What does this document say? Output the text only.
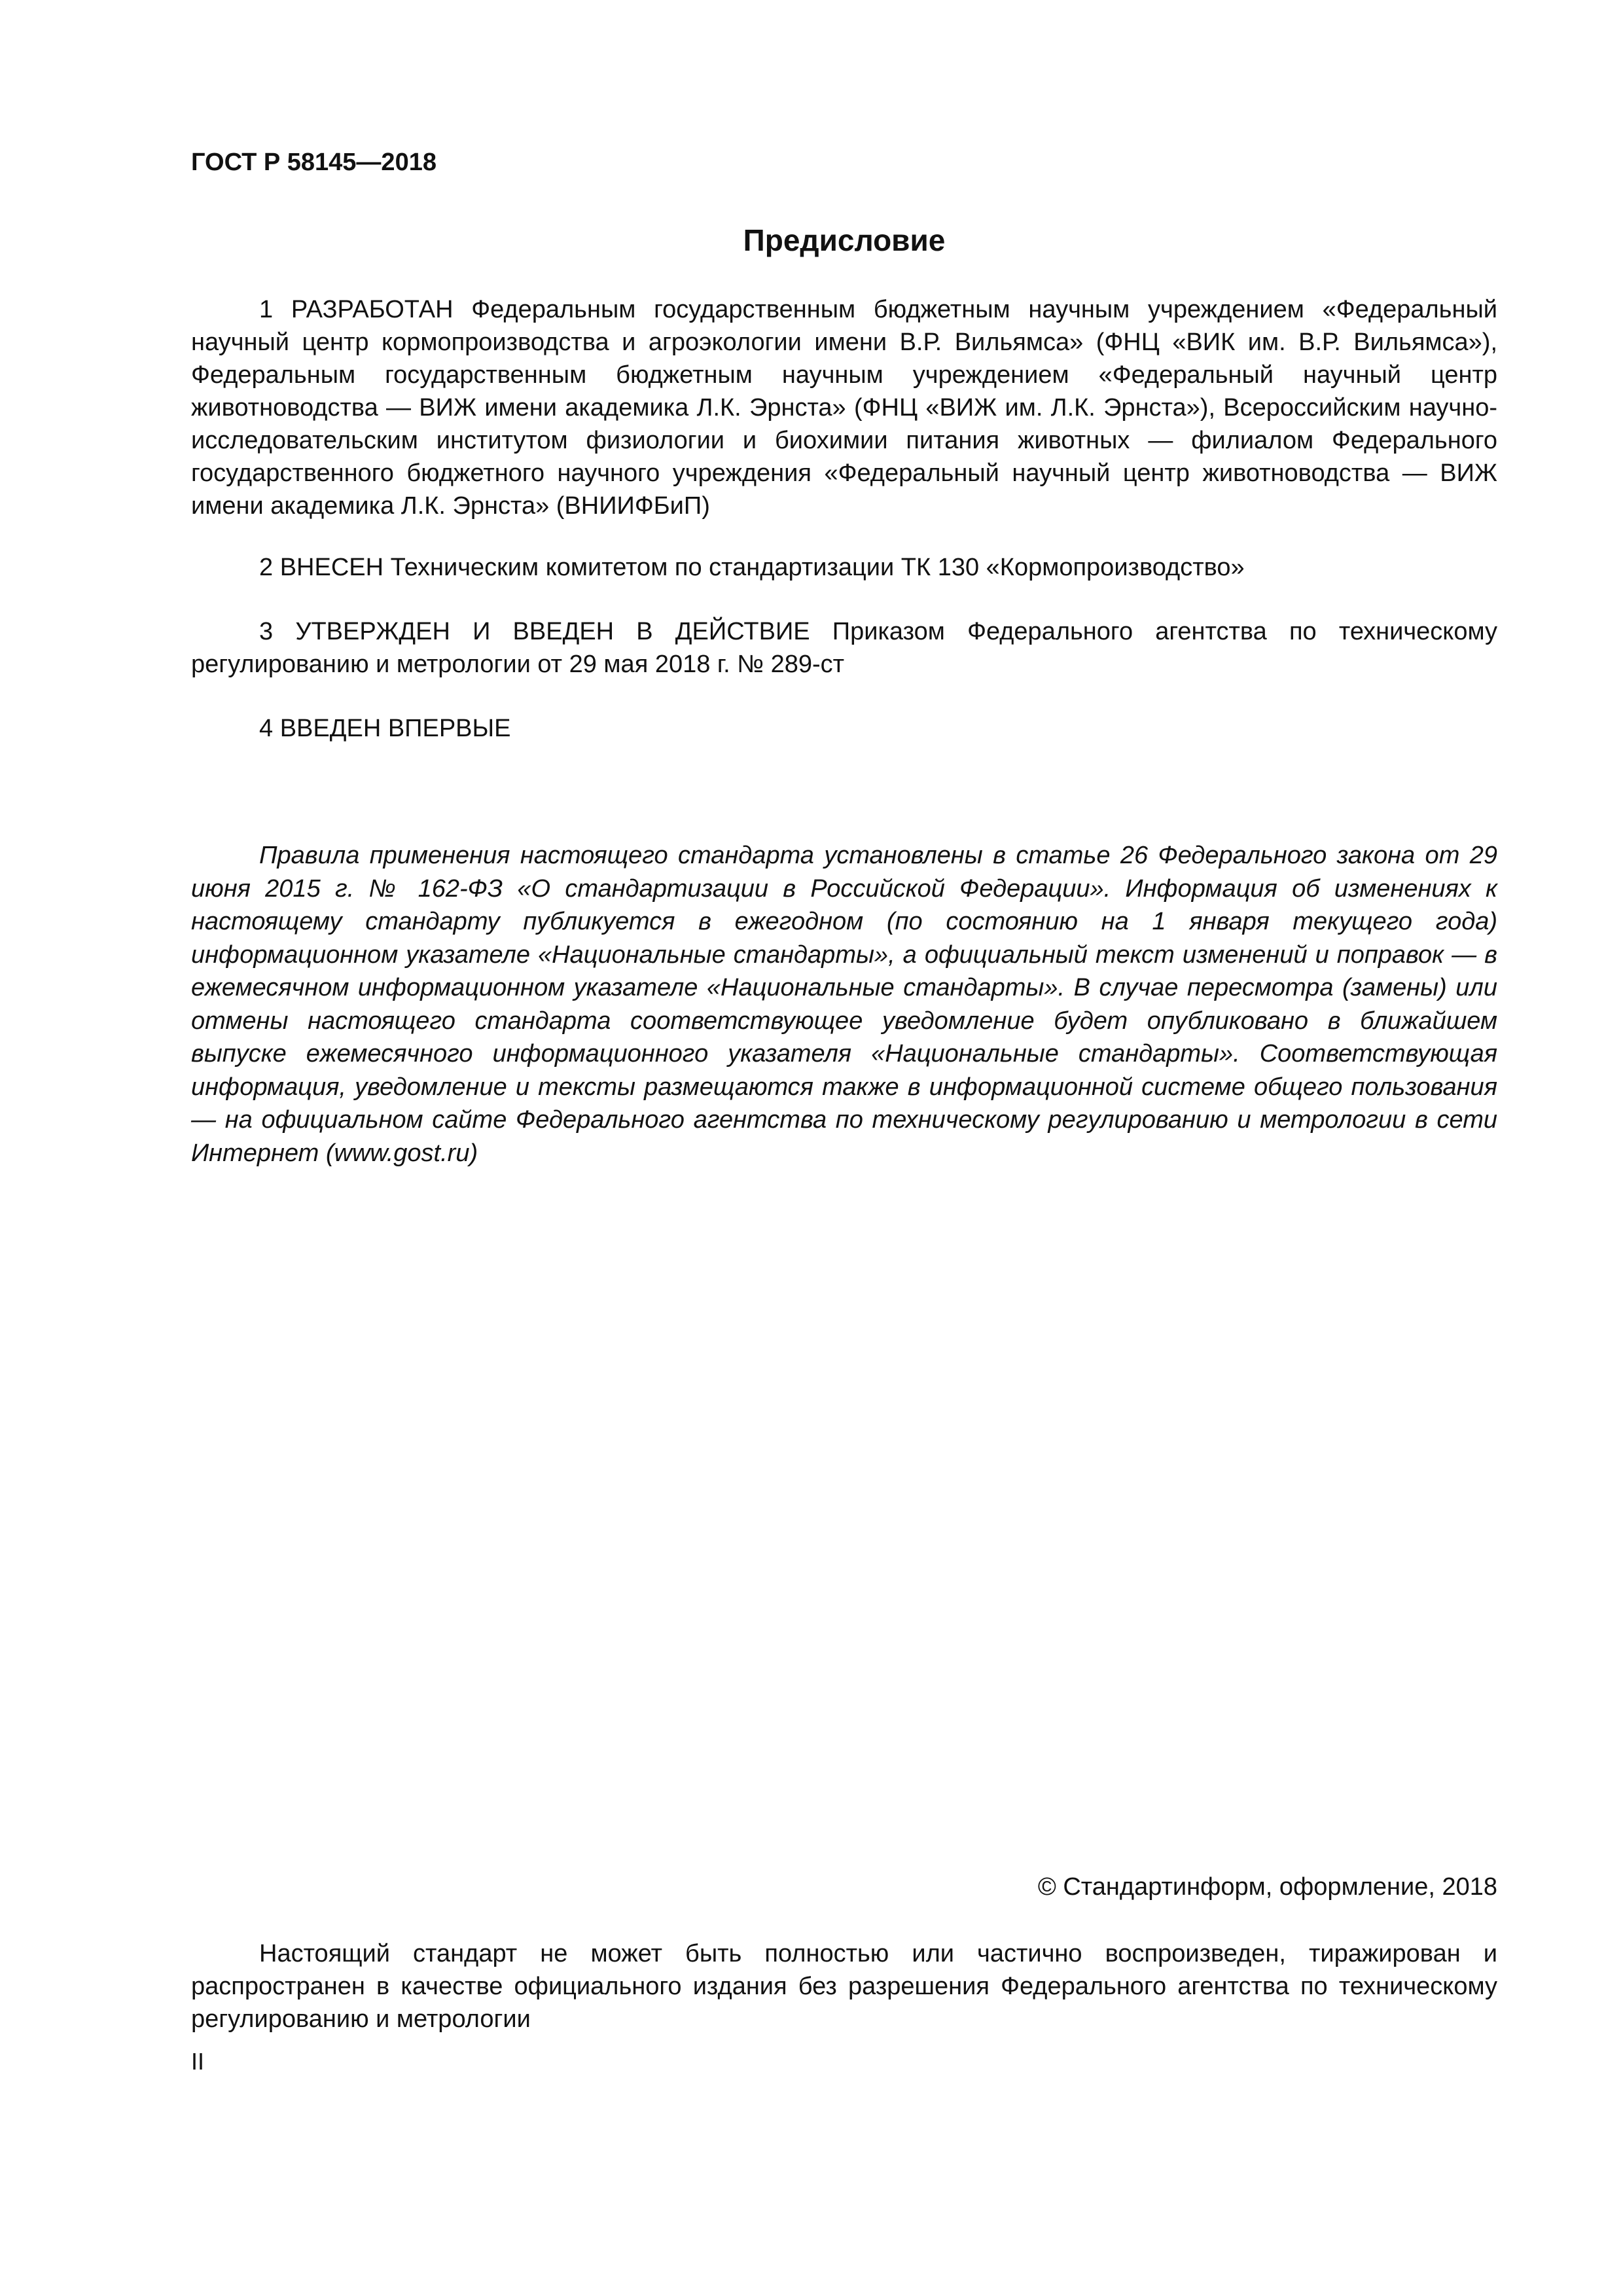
ГОСТ Р 58145—2018

Предисловие

1 РАЗРАБОТАН Федеральным государственным бюджетным научным учреждением «Федеральный научный центр кормопроизводства и агроэкологии имени В.Р. Вильямса» (ФНЦ «ВИК им. В.Р. Вильямса»), Федеральным государственным бюджетным научным учреждением «Федеральный научный центр животноводства — ВИЖ имени академика Л.К. Эрнста» (ФНЦ «ВИЖ им. Л.К. Эрнста»), Всероссийским научно-исследовательским институтом физиологии и биохимии питания животных — филиалом Федерального государственного бюджетного научного учреждения «Федеральный научный центр животноводства — ВИЖ имени академика Л.К. Эрнста» (ВНИИФБиП)

2 ВНЕСЕН Техническим комитетом по стандартизации ТК 130 «Кормопроизводство»

3 УТВЕРЖДЕН И ВВЕДЕН В ДЕЙСТВИЕ Приказом Федерального агентства по техническому регулированию и метрологии от 29 мая 2018 г. № 289-ст

4 ВВЕДЕН ВПЕРВЫЕ

Правила применения настоящего стандарта установлены в статье 26 Федерального закона от 29 июня 2015 г. № 162-ФЗ «О стандартизации в Российской Федерации». Информация об изменениях к настоящему стандарту публикуется в ежегодном (по состоянию на 1 января текущего года) информационном указателе «Национальные стандарты», а официальный текст изменений и поправок — в ежемесячном информационном указателе «Национальные стандарты». В случае пересмотра (замены) или отмены настоящего стандарта соответствующее уведомление будет опубликовано в ближайшем выпуске ежемесячного информационного указателя «Национальные стандарты». Соответствующая информация, уведомление и тексты размещаются также в информационной системе общего пользования — на официальном сайте Федерального агентства по техническому регулированию и метрологии в сети Интернет (www.gost.ru)

© Стандартинформ, оформление, 2018

Настоящий стандарт не может быть полностью или частично воспроизведен, тиражирован и распространен в качестве официального издания без разрешения Федерального агентства по техническому регулированию и метрологии

II
